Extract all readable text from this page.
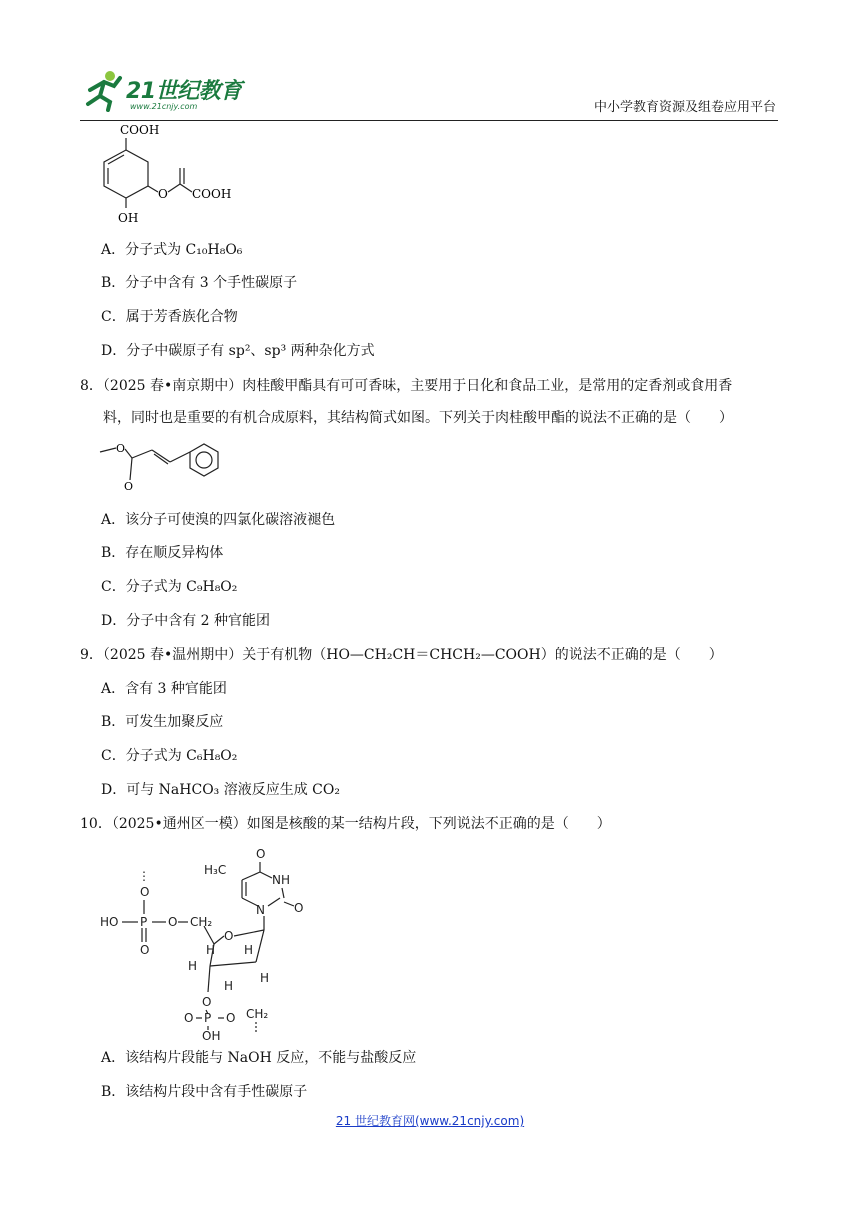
21世纪教育
www.21cnjy.com	中小学教育资源及组卷应用平台
COOH
OH
O COOH
A．分子式为 C₁₀H₈O₆
B．分子中含有 3 个手性碳原子
C．属于芳香族化合物
D．分子中碳原子有 sp²、sp³ 两种杂化方式
8．（2025 春•南京期中）肉桂酸甲酯具有可可香味，主要用于日化和食品工业，是常用的定香剂或食用香
料，同时也是重要的有机合成原料，其结构简式如图。下列关于肉桂酸甲酯的说法不正确的是（　　）
O
O
A．该分子可使溴的四氯化碳溶液褪色
B．存在顺反异构体
C．分子式为 C₉H₈O₂
D．分子中含有 2 种官能团
9．（2025 春•温州期中）关于有机物（HO—CH₂CH＝CHCH₂—COOH）的说法不正确的是（　　）
A．含有 3 种官能团
B．可发生加聚反应
C．分子式为 C₆H₈O₂
D．可与 NaHCO₃ 溶液反应生成 CO₂
10．（2025•通州区一模）如图是核酸的某一结构片段，下列说法不正确的是（　　）
O
H₃C
NH
N O
⋮
O
HO P O CH₂
O
O
H H
H
H
H
O
O P O CH₂
OH
A．该结构片段能与 NaOH 反应，不能与盐酸反应
B．该结构片段中含有手性碳原子
21 世纪教育网(www.21cnjy.com)
